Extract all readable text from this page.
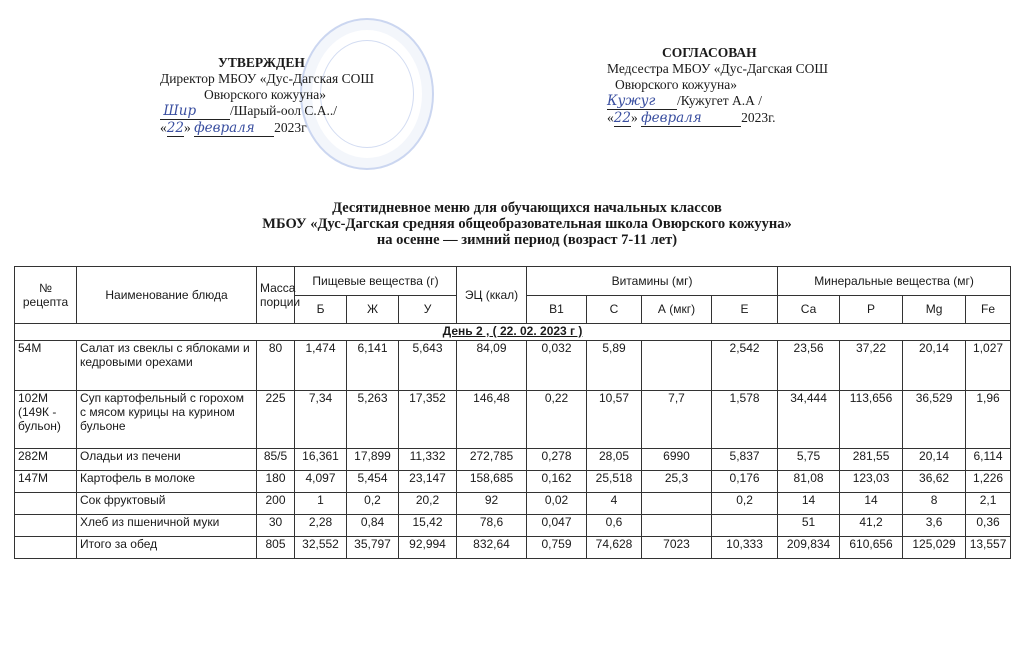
УТВЕРЖДЕН
Директор МБОУ «Дус-Дагская СОШ
Овюрского кожууна»
Шир	/Шарый-оол С.А../
«22» февраля 2023г
СОГЛАСОВАН
Медсестра МБОУ «Дус-Дагская СОШ
Овюрского кожууна»
Кужуг /Кужугет А.А /
«22» февраля	2023г.
Десятидневное меню для обучающихся начальных классов
МБОУ «Дус-Дагская средняя общеобразовательная школа Овюрского кожууна»
на осенне — зимний период (возраст 7-11 лет)
№ рецепта	Наименование блюда	Масса порции	Пищевые вещества (г)			ЭЦ (ккал)	Витамины (мг)				Минеральные вещества (мг)			
			Б	Ж	У		В1	С	А (мкг)	Е	Са	Р	Mg	Fe
День 2 , ( 22. 02. 2023 г )														
54М	Салат из свеклы с яблоками и кедровыми орехами	80	1,474	6,141	5,643	84,09	0,032	5,89		2,542	23,56	37,22	20,14	1,027
102М (149К - бульон)	Суп картофельный с горохом с мясом курицы на курином бульоне	225	7,34	5,263	17,352	146,48	0,22	10,57	7,7	1,578	34,444	113,656	36,529	1,96
282М	Оладьи из печени	85/5	16,361	17,899	11,332	272,785	0,278	28,05	6990	5,837	5,75	281,55	20,14	6,114
147М	Картофель в молоке	180	4,097	5,454	23,147	158,685	0,162	25,518	25,3	0,176	81,08	123,03	36,62	1,226
	Сок фруктовый	200	1	0,2	20,2	92	0,02	4		0,2	14	14	8	2,1
	Хлеб из пшеничной муки	30	2,28	0,84	15,42	78,6	0,047	0,6			51	41,2	3,6	0,36
	Итого за обед	805	32,552	35,797	92,994	832,64	0,759	74,628	7023	10,333	209,834	610,656	125,029	13,557
